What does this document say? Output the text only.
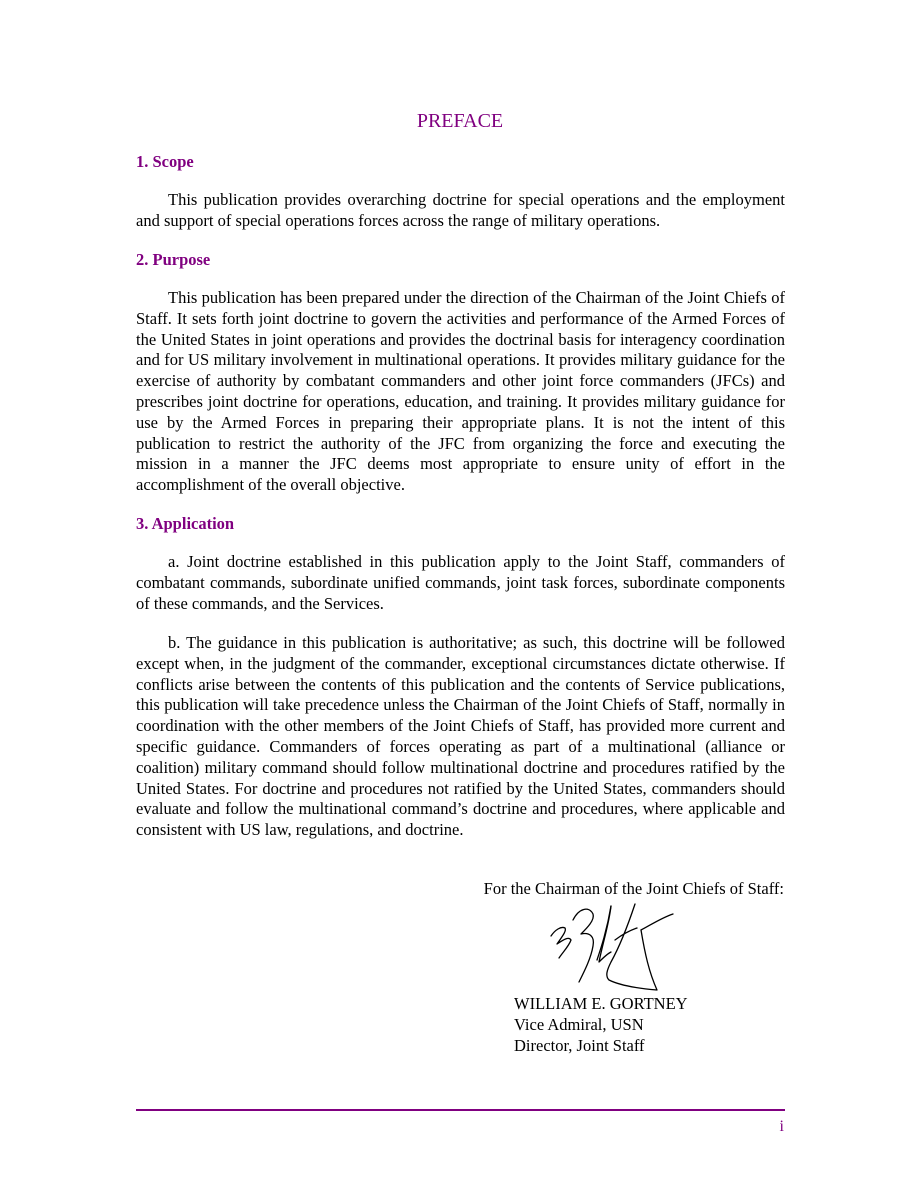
PREFACE
1. Scope

This publication provides overarching doctrine for special operations and the employment and support of special operations forces across the range of military operations.

2. Purpose

This publication has been prepared under the direction of the Chairman of the Joint Chiefs of Staff. It sets forth joint doctrine to govern the activities and performance of the Armed Forces of the United States in joint operations and provides the doctrinal basis for interagency coordination and for US military involvement in multinational operations. It provides military guidance for the exercise of authority by combatant commanders and other joint force commanders (JFCs) and prescribes joint doctrine for operations, education, and training. It provides military guidance for use by the Armed Forces in preparing their appropriate plans. It is not the intent of this publication to restrict the authority of the JFC from organizing the force and executing the mission in a manner the JFC deems most appropriate to ensure unity of effort in the accomplishment of the overall objective.

3. Application

a. Joint doctrine established in this publication apply to the Joint Staff, commanders of combatant commands, subordinate unified commands, joint task forces, subordinate components of these commands, and the Services.

b. The guidance in this publication is authoritative; as such, this doctrine will be followed except when, in the judgment of the commander, exceptional circumstances dictate otherwise. If conflicts arise between the contents of this publication and the contents of Service publications, this publication will take precedence unless the Chairman of the Joint Chiefs of Staff, normally in coordination with the other members of the Joint Chiefs of Staff, has provided more current and specific guidance. Commanders of forces operating as part of a multinational (alliance or coalition) military command should follow multinational doctrine and procedures ratified by the United States. For doctrine and procedures not ratified by the United States, commanders should evaluate and follow the multinational command’s doctrine and procedures, where applicable and consistent with US law, regulations, and doctrine.

For the Chairman of the Joint Chiefs of Staff:

WILLIAM E. GORTNEY
Vice Admiral, USN
Director, Joint Staff

i
